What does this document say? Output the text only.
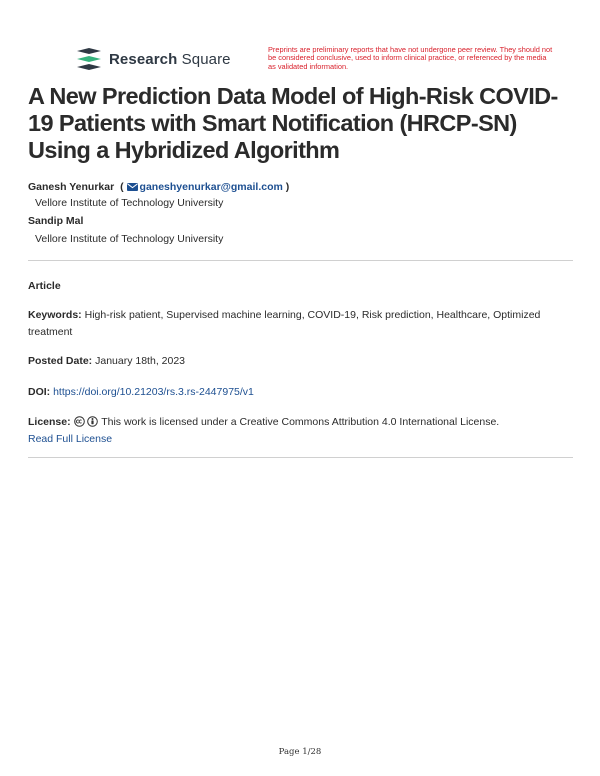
Research Square
Preprints are preliminary reports that have not undergone peer review. They should not be considered conclusive, used to inform clinical practice, or referenced by the media as validated information.
A New Prediction Data Model of High-Risk COVID-19 Patients with Smart Notification (HRCP-SN) Using a Hybridized Algorithm
Ganesh Yenurkar ( ganeshyenurkar@gmail.com )
Vellore Institute of Technology University
Sandip Mal
Vellore Institute of Technology University
Article
Keywords: High-risk patient, Supervised machine learning, COVID-19, Risk prediction, Healthcare, Optimized treatment
Posted Date: January 18th, 2023
DOI: https://doi.org/10.21203/rs.3.rs-2447975/v1
License:	This work is licensed under a Creative Commons Attribution 4.0 International License.
Read Full License
Page 1/28
